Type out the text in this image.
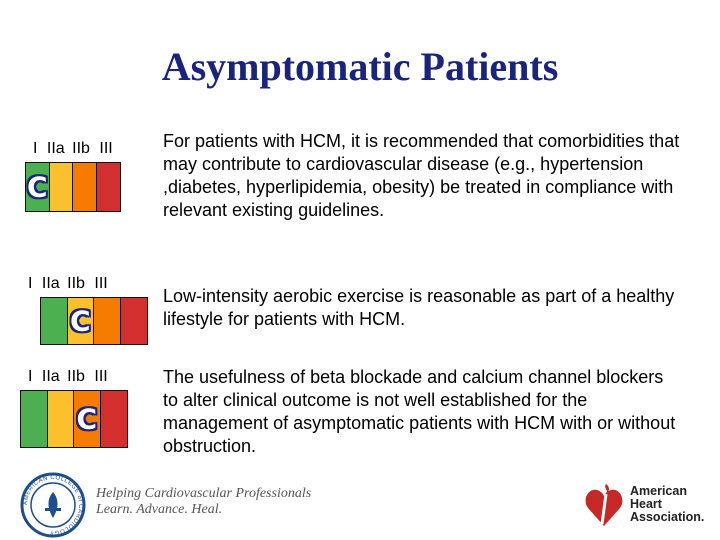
Asymptomatic Patients
I IIa IIb III
C
For patients with HCM, it is recommended that comorbidities that may contribute to cardiovascular disease (e.g., hypertension ,diabetes, hyperlipidemia, obesity) be treated in compliance with relevant existing guidelines.
I IIa IIb III
C
Low-intensity aerobic exercise is reasonable as part of a healthy lifestyle for patients with HCM.
I IIa IIb III
C
The usefulness of beta blockade and calcium channel blockers to alter clinical outcome is not well established for the management of asymptomatic patients with HCM with or without obstruction.
AMERICAN COLLEGE of CARDIOLOGY
Helping Cardiovascular Professionals
Learn. Advance. Heal.
American
Heart
Association.
